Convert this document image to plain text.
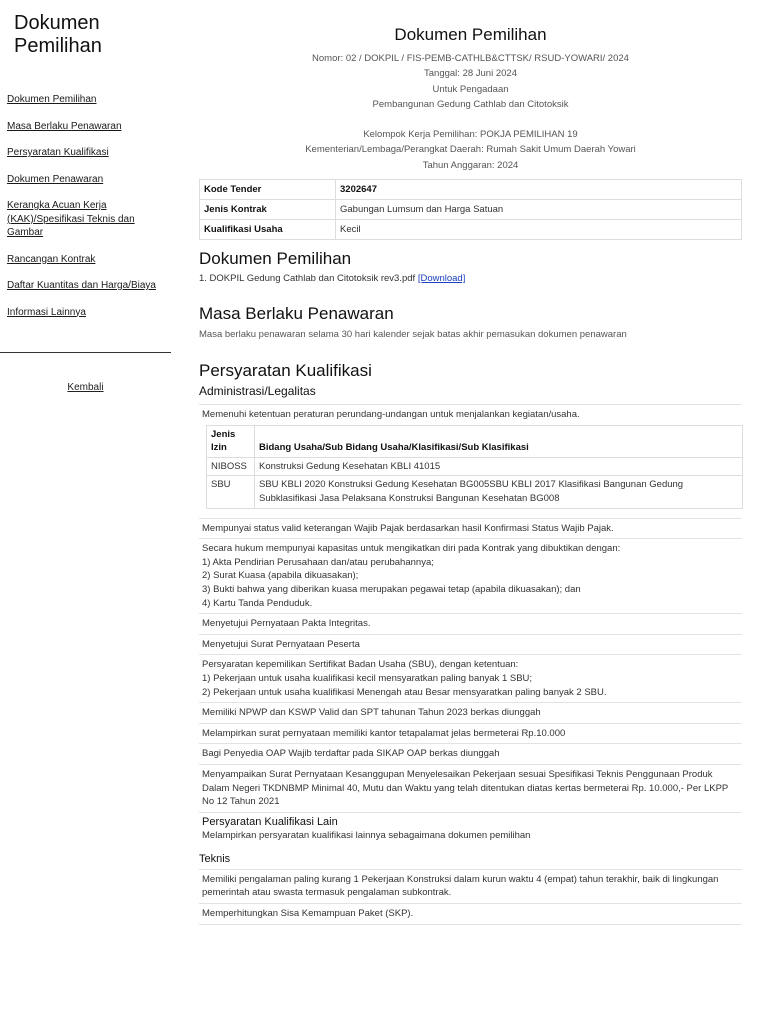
Dokumen Pemilihan
Dokumen Pemilihan
Masa Berlaku Penawaran
Persyaratan Kualifikasi
Dokumen Penawaran
Kerangka Acuan Kerja (KAK)/Spesifikasi Teknis dan Gambar
Rancangan Kontrak
Daftar Kuantitas dan Harga/Biaya
Informasi Lainnya
Kembali
Dokumen Pemilihan
Nomor: 02 / DOKPIL / FIS-PEMB-CATHLB&CTTSK/ RSUD-YOWARI/ 2024
Tanggal: 28 Juni 2024
Untuk Pengadaan
Pembangunan Gedung Cathlab dan Citotoksik
Kelompok Kerja Pemilihan: POKJA PEMILIHAN 19
Kementerian/Lembaga/Perangkat Daerah: Rumah Sakit Umum Daerah Yowari
Tahun Anggaran: 2024
Kode Tender	3202647
Jenis Kontrak	Gabungan Lumsum dan Harga Satuan
Kualifikasi Usaha	Kecil
Dokumen Pemilihan
1. DOKPIL Gedung Cathlab dan Citotoksik rev3.pdf [Download]
Masa Berlaku Penawaran
Masa berlaku penawaran selama 30 hari kalender sejak batas akhir pemasukan dokumen penawaran
Persyaratan Kualifikasi
Administrasi/Legalitas
Memenuhi ketentuan peraturan perundang-undangan untuk menjalankan kegiatan/usaha.
Jenis Izin	Bidang Usaha/Sub Bidang Usaha/Klasifikasi/Sub Klasifikasi
NIBOSS	Konstruksi Gedung Kesehatan KBLI 41015
SBU	SBU KBLI 2020 Konstruksi Gedung Kesehatan BG005SBU KBLI 2017 Klasifikasi Bangunan Gedung Subklasifikasi Jasa Pelaksana Konstruksi Bangunan Kesehatan BG008
Mempunyai status valid keterangan Wajib Pajak berdasarkan hasil Konfirmasi Status Wajib Pajak.
Secara hukum mempunyai kapasitas untuk mengikatkan diri pada Kontrak yang dibuktikan dengan:
1) Akta Pendirian Perusahaan dan/atau perubahannya;
2) Surat Kuasa (apabila dikuasakan);
3) Bukti bahwa yang diberikan kuasa merupakan pegawai tetap (apabila dikuasakan); dan
4) Kartu Tanda Penduduk.
Menyetujui Pernyataan Pakta Integritas.
Menyetujui Surat Pernyataan Peserta
Persyaratan kepemilikan Sertifikat Badan Usaha (SBU), dengan ketentuan:
1) Pekerjaan untuk usaha kualifikasi kecil mensyaratkan paling banyak 1 SBU;
2) Pekerjaan untuk usaha kualifikasi Menengah atau Besar mensyaratkan paling banyak 2 SBU.
Memiliki NPWP dan KSWP Valid dan SPT tahunan Tahun 2023 berkas diunggah
Melampirkan surat pernyataan memiliki kantor tetapalamat jelas bermeterai Rp.10.000
Bagi Penyedia OAP Wajib terdaftar pada SIKAP OAP berkas diunggah
Menyampaikan Surat Pernyataan Kesanggupan Menyelesaikan Pekerjaan sesuai Spesifikasi Teknis Penggunaan Produk Dalam Negeri TKDNBMP Minimal 40, Mutu dan Waktu yang telah ditentukan diatas kertas bermeterai Rp. 10.000,- Per LKPP No 12 Tahun 2021
Persyaratan Kualifikasi Lain
Melampirkan persyaratan kualifikasi lainnya sebagaimana dokumen pemilihan
Teknis
Memiliki pengalaman paling kurang 1 Pekerjaan Konstruksi dalam kurun waktu 4 (empat) tahun terakhir, baik di lingkungan pemerintah atau swasta termasuk pengalaman subkontrak.
Memperhitungkan Sisa Kemampuan Paket (SKP).
